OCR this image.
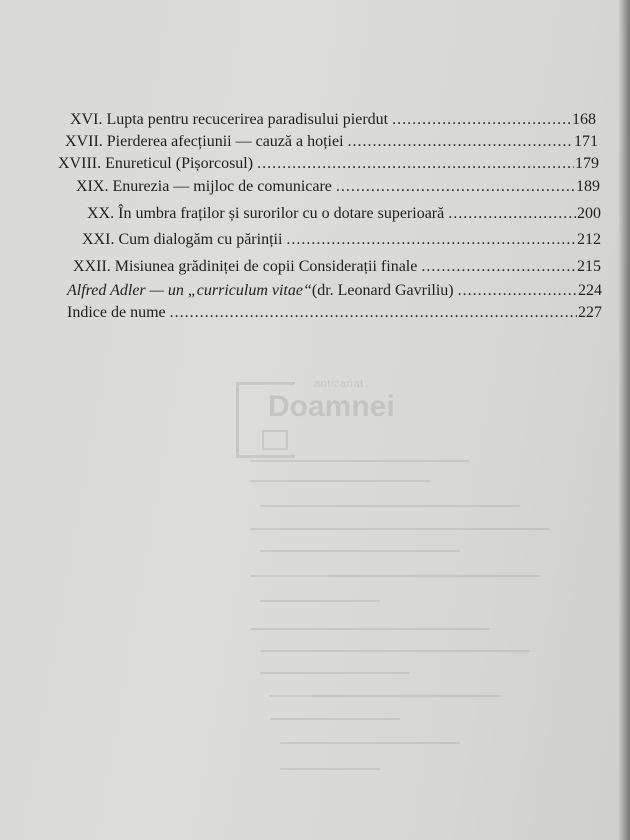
XVI. Lupta pentru recucerirea paradisului pierdut .....	168
XVII. Pierderea afecțiunii — cauză a hoției .....	171
XVIII. Enureticul (Pișorcosul) .....	179
XIX. Enurezia — mijloc de comunicare .....	189
XX. În umbra fraților și surorilor cu o dotare superioară .....	200
XXI. Cum dialogăm cu părinții .....	212
XXII. Misiunea grădiniței de copii Considerații finale .....	215
Alfred Adler — un „curriculum vitae“ (dr. Leonard Gavriliu) .....	224
Indice de nume .....	227
anticariat
Doamnei
